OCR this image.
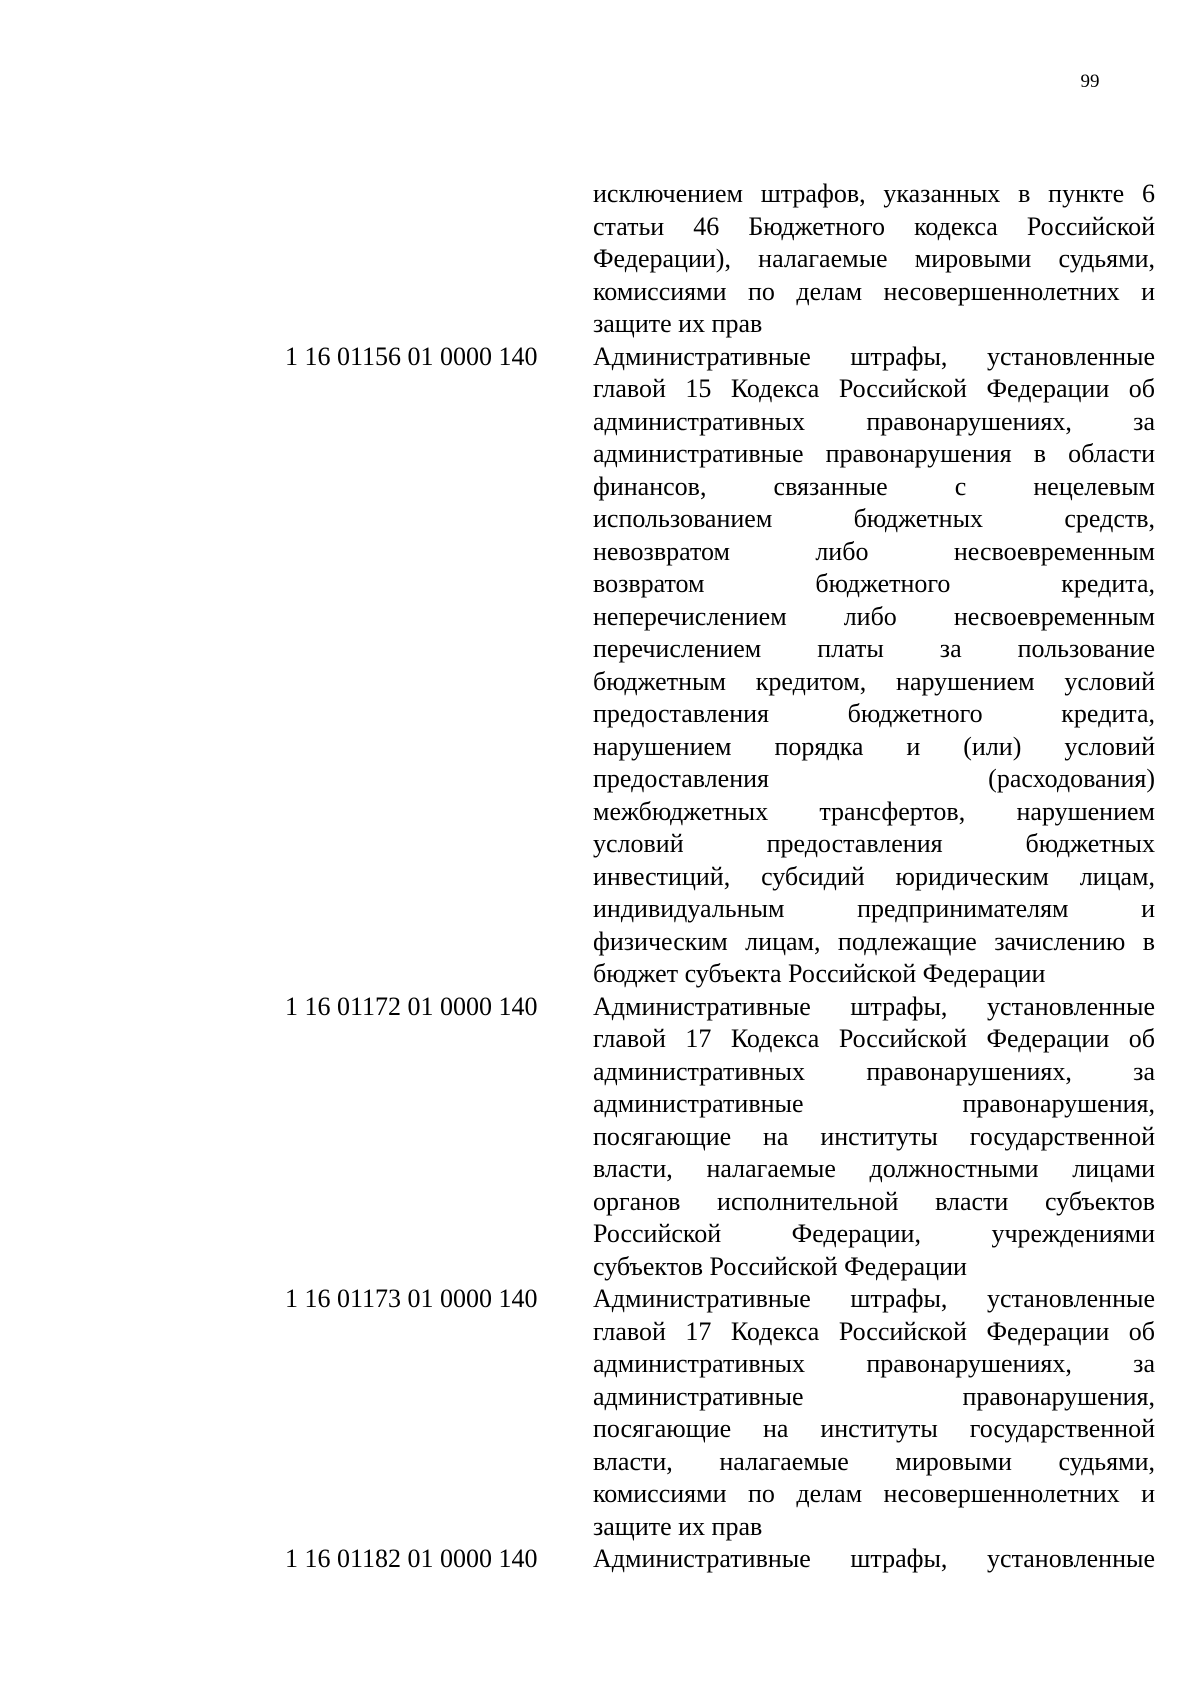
99
исключением штрафов, указанных в пункте 6
статьи 46 Бюджетного кодекса Российской
Федерации), налагаемые мировыми судьями,
комиссиями по делам несовершеннолетних и
защите их прав
1 16 01156 01 0000 140	Административные штрафы, установленные
главой 15 Кодекса Российской Федерации об
административных правонарушениях, за
административные правонарушения в области
финансов, связанные с нецелевым
использованием бюджетных средств,
невозвратом либо несвоевременным
возвратом бюджетного кредита,
неперечислением либо несвоевременным
перечислением платы за пользование
бюджетным кредитом, нарушением условий
предоставления бюджетного кредита,
нарушением порядка и (или) условий
предоставления (расходования)
межбюджетных трансфертов, нарушением
условий предоставления бюджетных
инвестиций, субсидий юридическим лицам,
индивидуальным предпринимателям и
физическим лицам, подлежащие зачислению в
бюджет субъекта Российской Федерации
1 16 01172 01 0000 140	Административные штрафы, установленные
главой 17 Кодекса Российской Федерации об
административных правонарушениях, за
административные правонарушения,
посягающие на институты государственной
власти, налагаемые должностными лицами
органов исполнительной власти субъектов
Российской Федерации, учреждениями
субъектов Российской Федерации
1 16 01173 01 0000 140	Административные штрафы, установленные
главой 17 Кодекса Российской Федерации об
административных правонарушениях, за
административные правонарушения,
посягающие на институты государственной
власти, налагаемые мировыми судьями,
комиссиями по делам несовершеннолетних и
защите их прав
1 16 01182 01 0000 140	Административные штрафы, установленные
